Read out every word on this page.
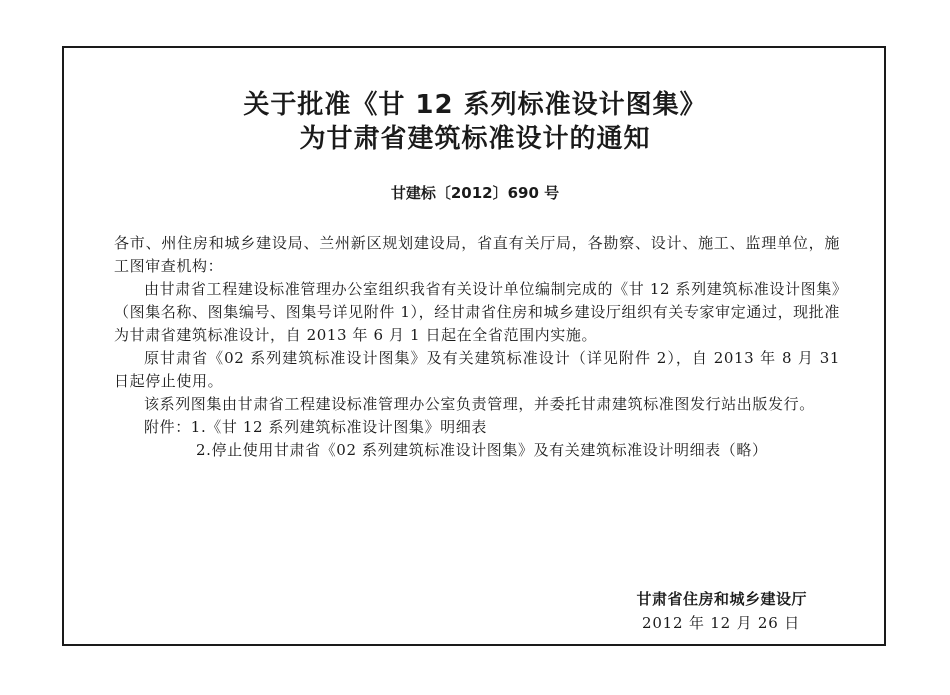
关于批准《甘 12 系列标准设计图集》
为甘肃省建筑标准设计的通知
甘建标〔2012〕690 号

各市、州住房和城乡建设局、兰州新区规划建设局，省直有关厅局，各勘察、设计、施工、监理单位，施工图审查机构：

由甘肃省工程建设标准管理办公室组织我省有关设计单位编制完成的《甘 12 系列建筑标准设计图集》（图集名称、图集编号、图集号详见附件 1），经甘肃省住房和城乡建设厅组织有关专家审定通过，现批准为甘肃省建筑标准设计，自 2013 年 6 月 1 日起在全省范围内实施。

原甘肃省《02 系列建筑标准设计图集》及有关建筑标准设计（详见附件 2），自 2013 年 8 月 31 日起停止使用。

该系列图集由甘肃省工程建设标准管理办公室负责管理，并委托甘肃建筑标准图发行站出版发行。

附件：1.《甘 12 系列建筑标准设计图集》明细表

2.停止使用甘肃省《02 系列建筑标准设计图集》及有关建筑标准设计明细表（略）

甘肃省住房和城乡建设厅
2012 年 12 月 26 日
